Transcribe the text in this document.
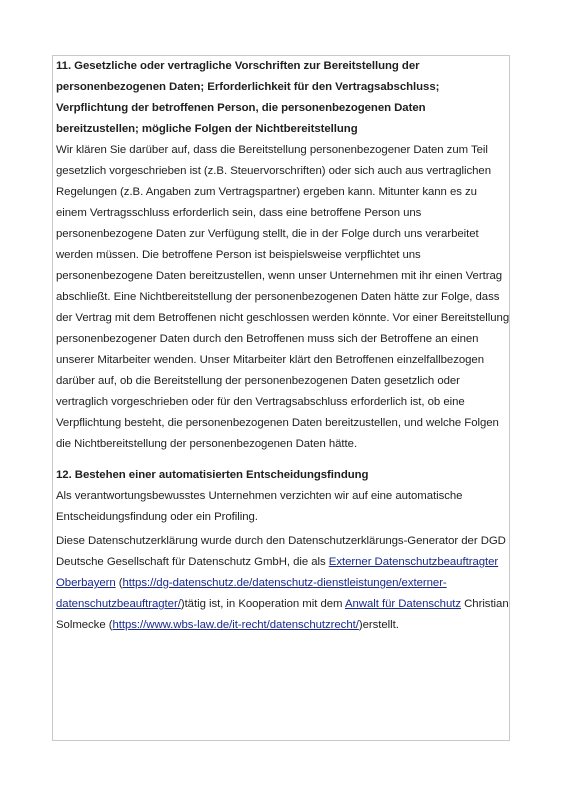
11. Gesetzliche oder vertragliche Vorschriften zur Bereitstellung der personenbezogenen Daten; Erforderlichkeit für den Vertragsabschluss; Verpflichtung der betroffenen Person, die personenbezogenen Daten bereitzustellen; mögliche Folgen der Nichtbereitstellung

Wir klären Sie darüber auf, dass die Bereitstellung personenbezogener Daten zum Teil gesetzlich vorgeschrieben ist (z.B. Steuervorschriften) oder sich auch aus vertraglichen Regelungen (z.B. Angaben zum Vertragspartner) ergeben kann. Mitunter kann es zu einem Vertragsschluss erforderlich sein, dass eine betroffene Person uns personenbezogene Daten zur Verfügung stellt, die in der Folge durch uns verarbeitet werden müssen. Die betroffene Person ist beispielsweise verpflichtet uns personenbezogene Daten bereitzustellen, wenn unser Unternehmen mit ihr einen Vertrag abschließt. Eine Nichtbereitstellung der personenbezogenen Daten hätte zur Folge, dass der Vertrag mit dem Betroffenen nicht geschlossen werden könnte. Vor einer Bereitstellung personenbezogener Daten durch den Betroffenen muss sich der Betroffene an einen unserer Mitarbeiter wenden. Unser Mitarbeiter klärt den Betroffenen einzelfallbezogen darüber auf, ob die Bereitstellung der personenbezogenen Daten gesetzlich oder vertraglich vorgeschrieben oder für den Vertragsabschluss erforderlich ist, ob eine Verpflichtung besteht, die personenbezogenen Daten bereitzustellen, und welche Folgen die Nichtbereitstellung der personenbezogenen Daten hätte.

12. Bestehen einer automatisierten Entscheidungsfindung

Als verantwortungsbewusstes Unternehmen verzichten wir auf eine automatische Entscheidungsfindung oder ein Profiling.

Diese Datenschutzerklärung wurde durch den Datenschutzerklärungs-Generator der DGD Deutsche Gesellschaft für Datenschutz GmbH, die als Externer Datenschutzbeauftragter Oberbayern (https://dg-datenschutz.de/datenschutz-dienstleistungen/externer-datenschutzbeauftragter/)tätig ist, in Kooperation mit dem Anwalt für Datenschutz Christian Solmecke (https://www.wbs-law.de/it-recht/datenschutzrecht/)erstellt.
